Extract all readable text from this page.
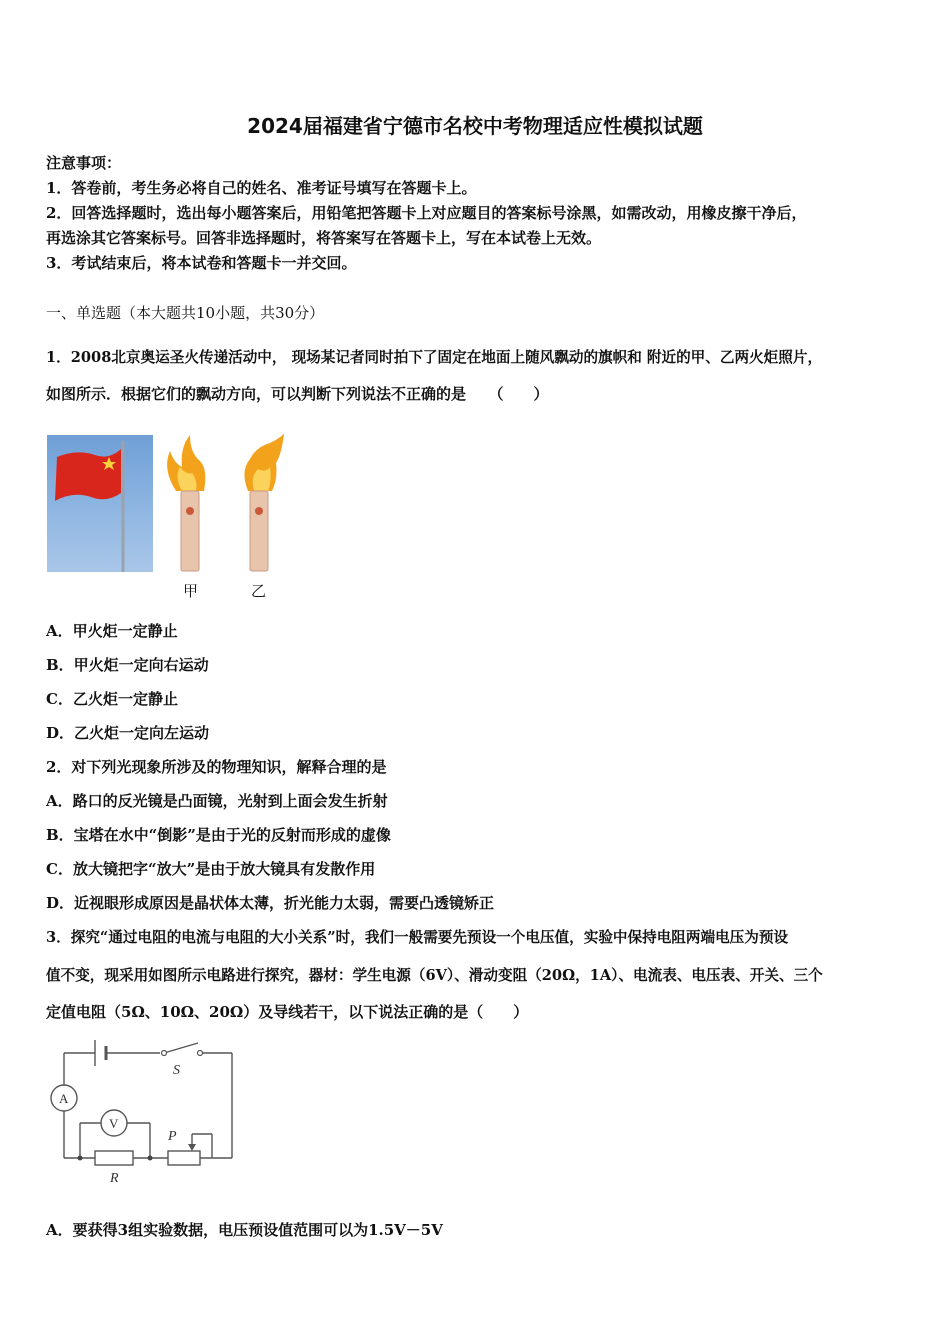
2024届福建省宁德市名校中考物理适应性模拟试题
注意事项：
1．答卷前，考生务必将自己的姓名、准考证号填写在答题卡上。
2．回答选择题时，选出每小题答案后，用铅笔把答题卡上对应题目的答案标号涂黑，如需改动，用橡皮擦干净后，
再选涂其它答案标号。回答非选择题时，将答案写在答题卡上，写在本试卷上无效。
3．考试结束后，将本试卷和答题卡一并交回。
一、单选题（本大题共10小题，共30分）
1．2008北京奥运圣火传递活动中， 现场某记者同时拍下了固定在地面上随风飘动的旗帜和 附近的甲、乙两火炬照片，
如图所示．根据它们的飘动方向，可以判断下列说法不正确的是　　（　　）
甲	乙
A．甲火炬一定静止
B．甲火炬一定向右运动
C．乙火炬一定静止
D．乙火炬一定向左运动
2．对下列光现象所涉及的物理知识，解释合理的是
A．路口的反光镜是凸面镜，光射到上面会发生折射
B．宝塔在水中“倒影”是由于光的反射而形成的虚像
C．放大镜把字“放大”是由于放大镜具有发散作用
D．近视眼形成原因是晶状体太薄，折光能力太弱，需要凸透镜矫正
3．探究“通过电阻的电流与电阻的大小关系”时，我们一般需要先预设一个电压值，实验中保持电阻两端电压为预设
值不变，现采用如图所示电路进行探究，器材：学生电源（6V）、滑动变阻（20Ω，1A）、电流表、电压表、开关、三个
定值电阻（5Ω、10Ω、20Ω）及导线若干，以下说法正确的是（　　）
S
A
V
P
R
A．要获得3组实验数据，电压预设值范围可以为1.5V－5V
